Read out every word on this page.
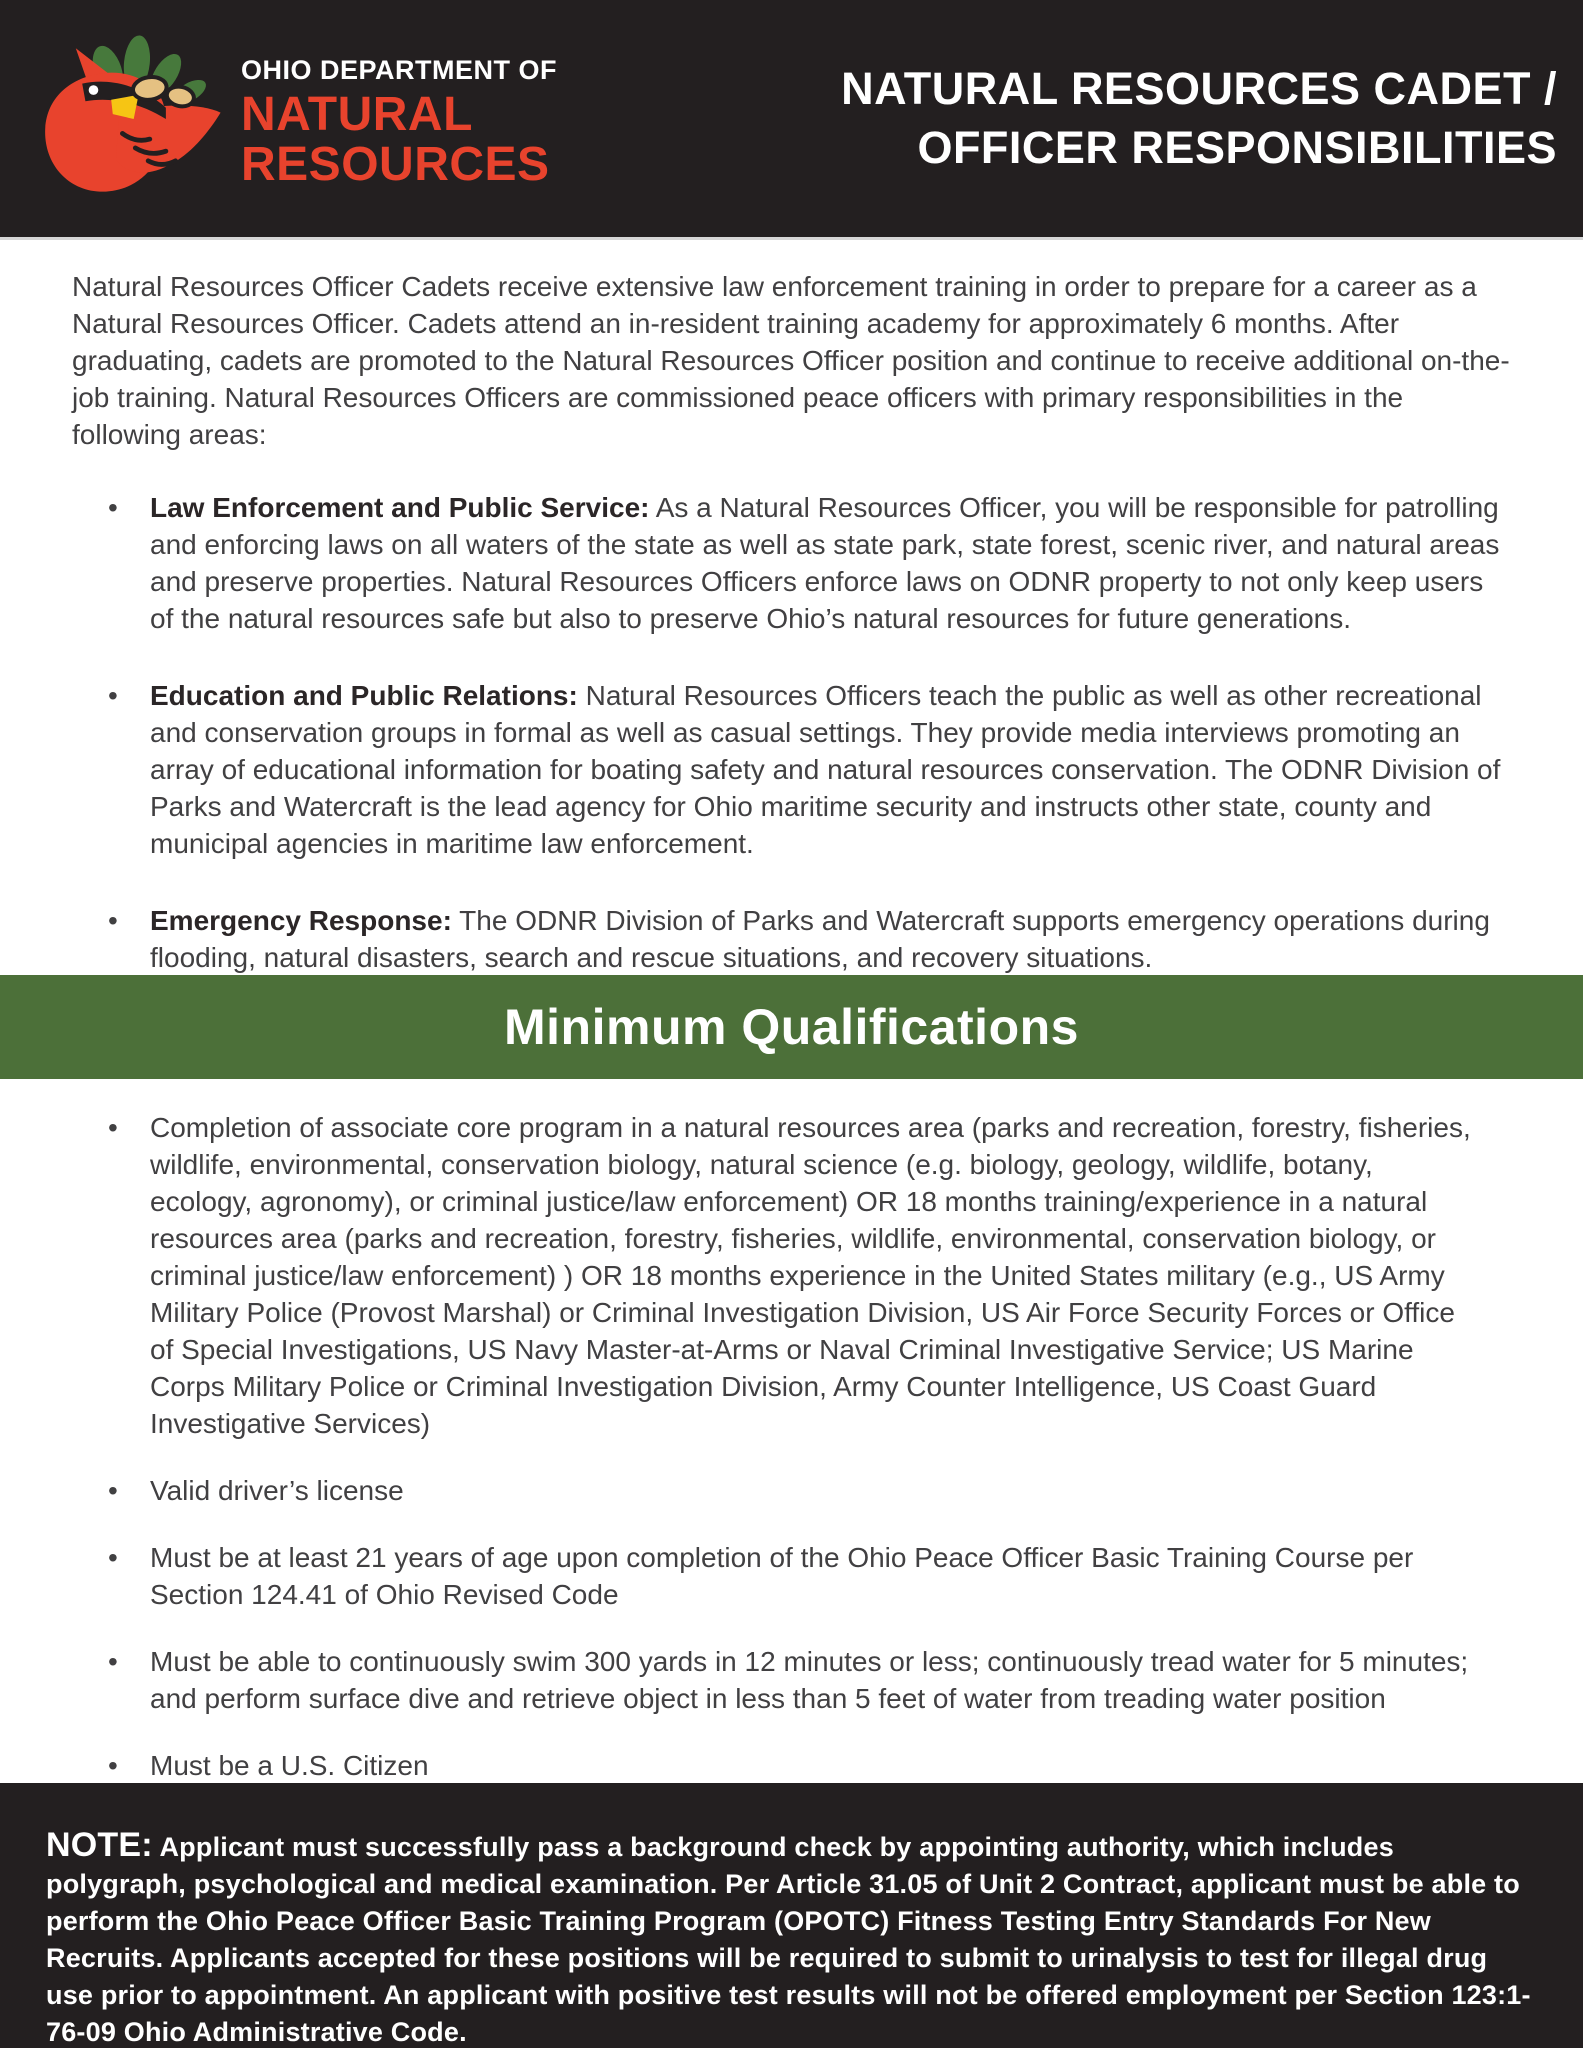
OHIO DEPARTMENT OF
NATURAL
RESOURCES
NATURAL RESOURCES CADET /
OFFICER RESPONSIBILITIES

Natural Resources Officer Cadets receive extensive law enforcement training in order to prepare for a career as a Natural Resources Officer. Cadets attend an in-resident training academy for approximately 6 months. After graduating, cadets are promoted to the Natural Resources Officer position and continue to receive additional on-the-job training. Natural Resources Officers are commissioned peace officers with primary responsibilities in the following areas:

• Law Enforcement and Public Service: As a Natural Resources Officer, you will be responsible for patrolling and enforcing laws on all waters of the state as well as state park, state forest, scenic river, and natural areas and preserve properties. Natural Resources Officers enforce laws on ODNR property to not only keep users of the natural resources safe but also to preserve Ohio’s natural resources for future generations.
• Education and Public Relations: Natural Resources Officers teach the public as well as other recreational and conservation groups in formal as well as casual settings. They provide media interviews promoting an array of educational information for boating safety and natural resources conservation. The ODNR Division of Parks and Watercraft is the lead agency for Ohio maritime security and instructs other state, county and municipal agencies in maritime law enforcement.
• Emergency Response: The ODNR Division of Parks and Watercraft supports emergency operations during flooding, natural disasters, search and rescue situations, and recovery situations.
Minimum Qualifications
• Completion of associate core program in a natural resources area (parks and recreation, forestry, fisheries, wildlife, environmental, conservation biology, natural science (e.g. biology, geology, wildlife, botany, ecology, agronomy), or criminal justice/law enforcement) OR 18 months training/experience in a natural resources area (parks and recreation, forestry, fisheries, wildlife, environmental, conservation biology, or criminal justice/law enforcement) ) OR 18 months experience in the United States military (e.g., US Army Military Police (Provost Marshal) or Criminal Investigation Division, US Air Force Security Forces or Office of Special Investigations, US Navy Master-at-Arms or Naval Criminal Investigative Service; US Marine Corps Military Police or Criminal Investigation Division, Army Counter Intelligence, US Coast Guard Investigative Services)
• Valid driver’s license
• Must be at least 21 years of age upon completion of the Ohio Peace Officer Basic Training Course per Section 124.41 of Ohio Revised Code
• Must be able to continuously swim 300 yards in 12 minutes or less; continuously tread water for 5 minutes; and perform surface dive and retrieve object in less than 5 feet of water from treading water position
• Must be a U.S. Citizen

NOTE: Applicant must successfully pass a background check by appointing authority, which includes polygraph, psychological and medical examination. Per Article 31.05 of Unit 2 Contract, applicant must be able to perform the Ohio Peace Officer Basic Training Program (OPOTC) Fitness Testing Entry Standards For New Recruits. Applicants accepted for these positions will be required to submit to urinalysis to test for illegal drug use prior to appointment. An applicant with positive test results will not be offered employment per Section 123:1-76-09 Ohio Administrative Code.
